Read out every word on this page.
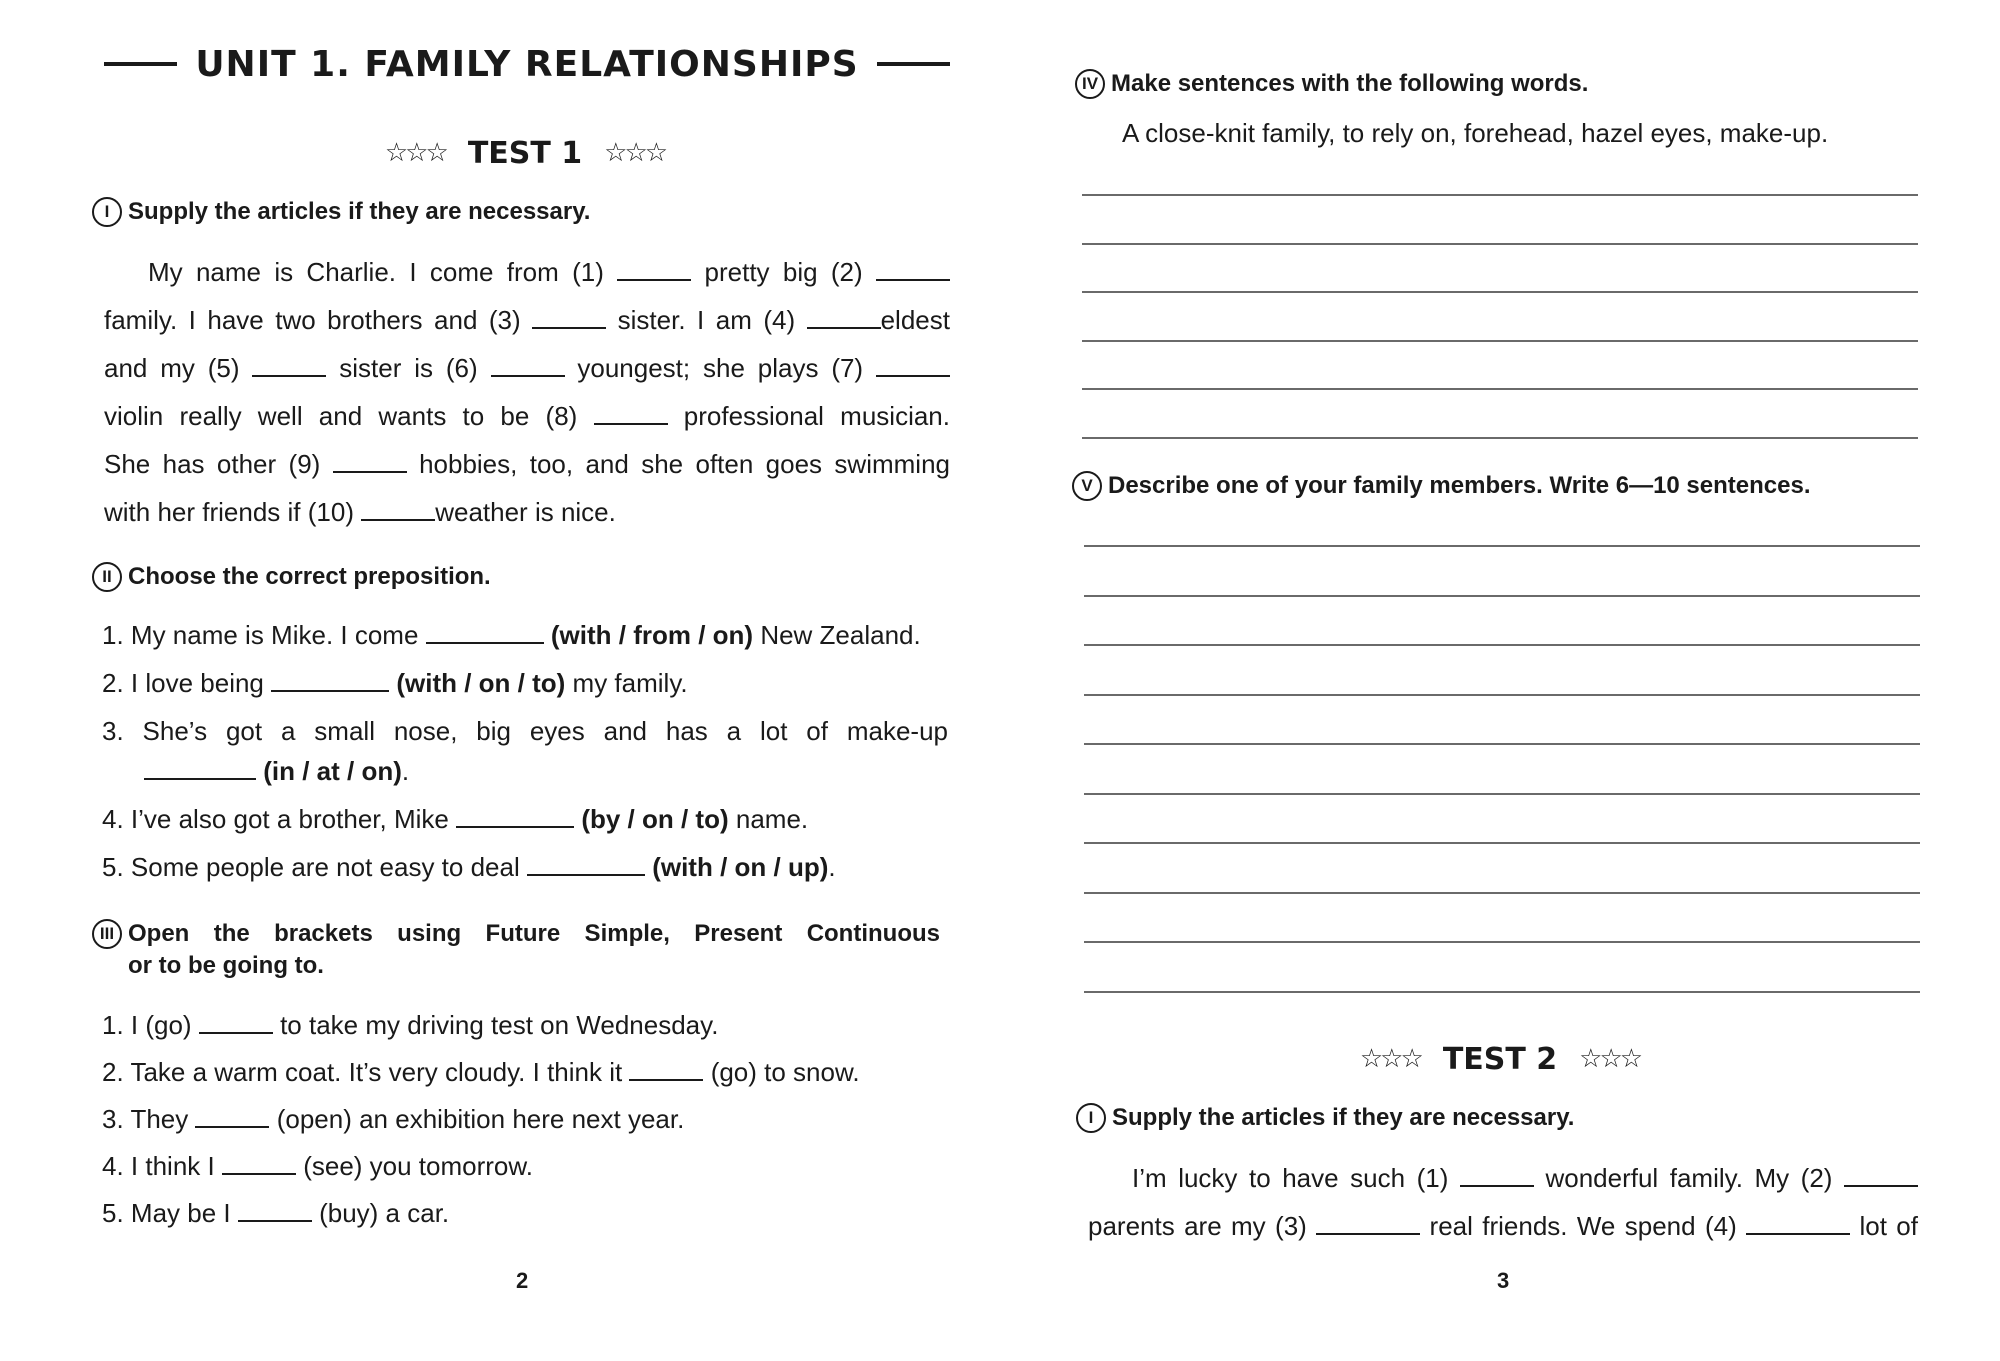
UNIT 1. FAMILY RELATIONSHIPS
☆☆☆ TEST 1 ☆☆☆
I Supply the articles if they are necessary.
My name is Charlie. I come from (1)	pretty big (2)
family. I have two brothers and (3)	sister. I am (4)	eldest
and my (5)	sister is (6)	youngest; she plays (7)
violin really well and wants to be (8)	professional musician.
She has other (9)	hobbies, too, and she often goes swimming
with her friends if (10)	weather is nice.
II Choose the correct preposition.
1. My name is Mike. I come	(with / from / on) New Zealand.
2. I love being	(with / on / to) my family.
3. She’s got a small nose, big eyes and has a lot of make-up
(in / at / on).
4. I’ve also got a brother, Mike	(by / on / to) name.
5. Some people are not easy to deal	(with / on / up).
III Open the brackets using Future Simple, Present Continuous
or to be going to.
1. I (go)	to take my driving test on Wednesday.
2. Take a warm coat. It’s very cloudy. I think it	(go) to snow.
3. They	(open) an exhibition here next year.
4. I think I	(see) you tomorrow.
5. May be I	(buy) a car.
2
IV Make sentences with the following words.
A close-knit family, to rely on, forehead, hazel eyes, make-up.
V Describe one of your family members. Write 6—10 sentences.
☆☆☆ TEST 2 ☆☆☆
I Supply the articles if they are necessary.
I’m lucky to have such (1)	wonderful family. My (2)
parents are my (3)	real friends. We spend (4)	lot of
3
